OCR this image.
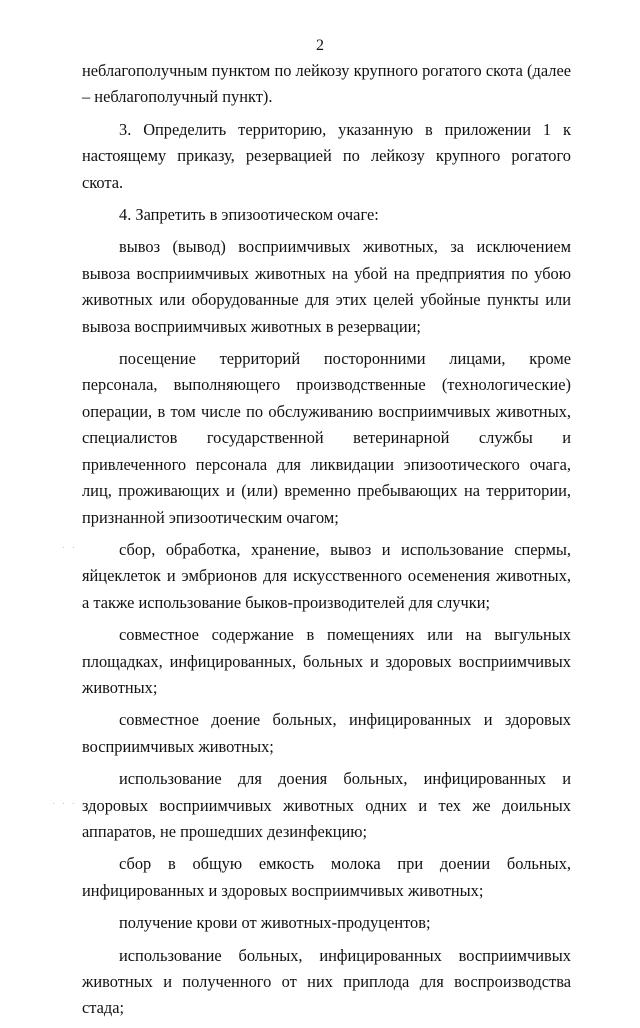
2
· ·
· · · ·

неблагополучным пунктом по лейкозу крупного рогатого скота (далее – неблагополучный пункт).

3. Определить территорию, указанную в приложении 1 к настоящему приказу, резервацией по лейкозу крупного рогатого скота.

4. Запретить в эпизоотическом очаге:

вывоз (вывод) восприимчивых животных, за исключением вывоза восприимчивых животных на убой на предприятия по убою животных или оборудованные для этих целей убойные пункты или вывоза восприимчивых животных в резервации;

посещение территорий посторонними лицами, кроме персонала, выполняющего производственные (технологические) операции, в том числе по обслуживанию восприимчивых животных, специалистов государственной ветеринарной службы и привлеченного персонала для ликвидации эпизоотического очага, лиц, проживающих и (или) временно пребывающих на территории, признанной эпизоотическим очагом;

сбор, обработка, хранение, вывоз и использование спермы, яйцеклеток и эмбрионов для искусственного осеменения животных, а также использование быков-производителей для случки;

совместное содержание в помещениях или на выгульных площадках, инфицированных, больных и здоровых восприимчивых животных;

совместное доение больных, инфицированных и здоровых восприимчивых животных;

использование для доения больных, инфицированных и здоровых восприимчивых животных одних и тех же доильных аппаратов, не прошедших дезинфекцию;

сбор в общую емкость молока при доении больных, инфицированных и здоровых восприимчивых животных;

получение крови от животных-продуцентов;

использование больных, инфицированных восприимчивых животных и полученного от них приплода для воспроизводства стада;
